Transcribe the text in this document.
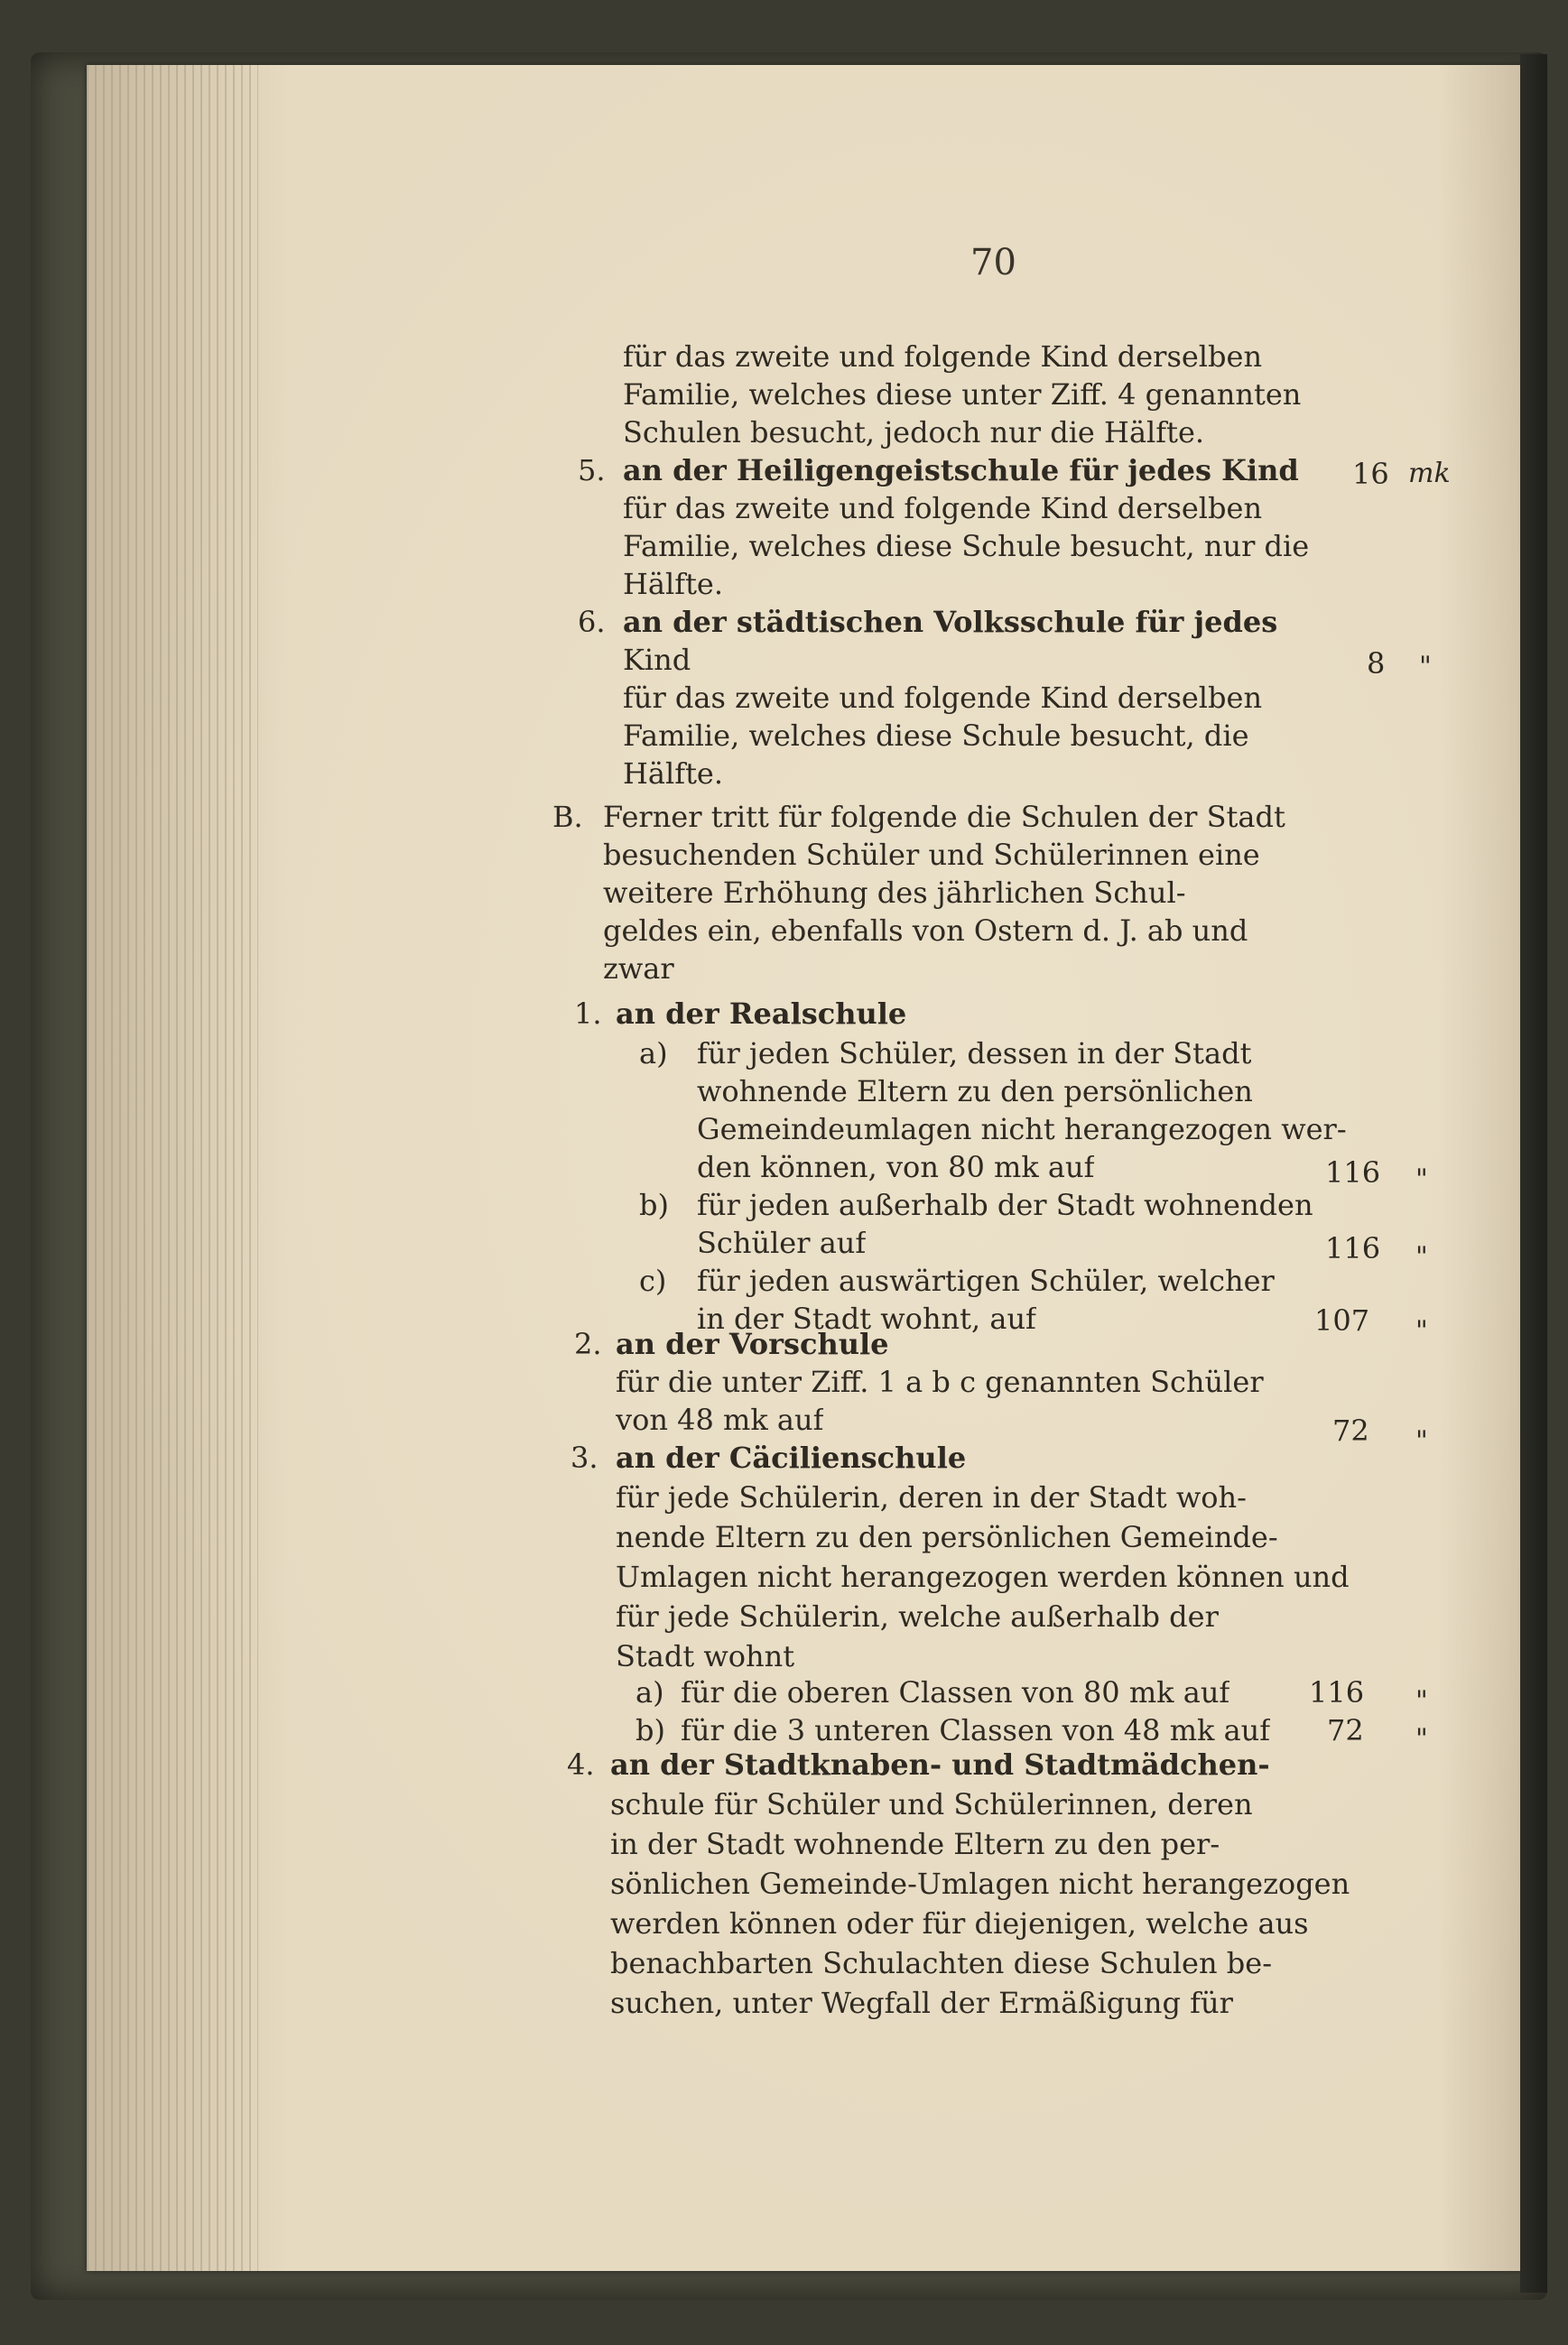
70
für das zweite und folgende Kind derselben
Familie, welches diese unter Ziff. 4 genannten
Schulen besucht, jedoch nur die Hälfte.
5. an der Heiligengeistschule für jedes Kind 16 mk
für das zweite und folgende Kind derselben
Familie, welches diese Schule besucht, nur die
Hälfte.
6. an der städtischen Volksschule für jedes
Kind	8 "
für das zweite und folgende Kind derselben
Familie, welches diese Schule besucht, die
Hälfte.
B. Ferner tritt für folgende die Schulen der Stadt
besuchenden Schüler und Schülerinnen eine
weitere Erhöhung des jährlichen Schul-
geldes ein, ebenfalls von Ostern d. J. ab und
zwar
1. an der Realschule
a) für jeden Schüler, dessen in der Stadt
wohnende Eltern zu den persönlichen
Gemeindeumlagen nicht herangezogen wer-
den können, von 80 mk auf	116 "
b) für jeden außerhalb der Stadt wohnenden
Schüler auf	116 "
c) für jeden auswärtigen Schüler, welcher
in der Stadt wohnt, auf	107 "
2. an der Vorschule
für die unter Ziff. 1 a b c genannten Schüler
von 48 mk auf	72 "
3. an der Cäcilienschule
für jede Schülerin, deren in der Stadt woh-
nende Eltern zu den persönlichen Gemeinde-
Umlagen nicht herangezogen werden können und
für jede Schülerin, welche außerhalb der
Stadt wohnt
a) für die oberen Classen von 80 mk auf	116 "
b) für die 3 unteren Classen von 48 mk auf 72 "
4. an der Stadtknaben- und Stadtmädchen-
schule für Schüler und Schülerinnen, deren
in der Stadt wohnende Eltern zu den per-
sönlichen Gemeinde-Umlagen nicht herangezogen
werden können oder für diejenigen, welche aus
benachbarten Schulachten diese Schulen be-
suchen, unter Wegfall der Ermäßigung für
